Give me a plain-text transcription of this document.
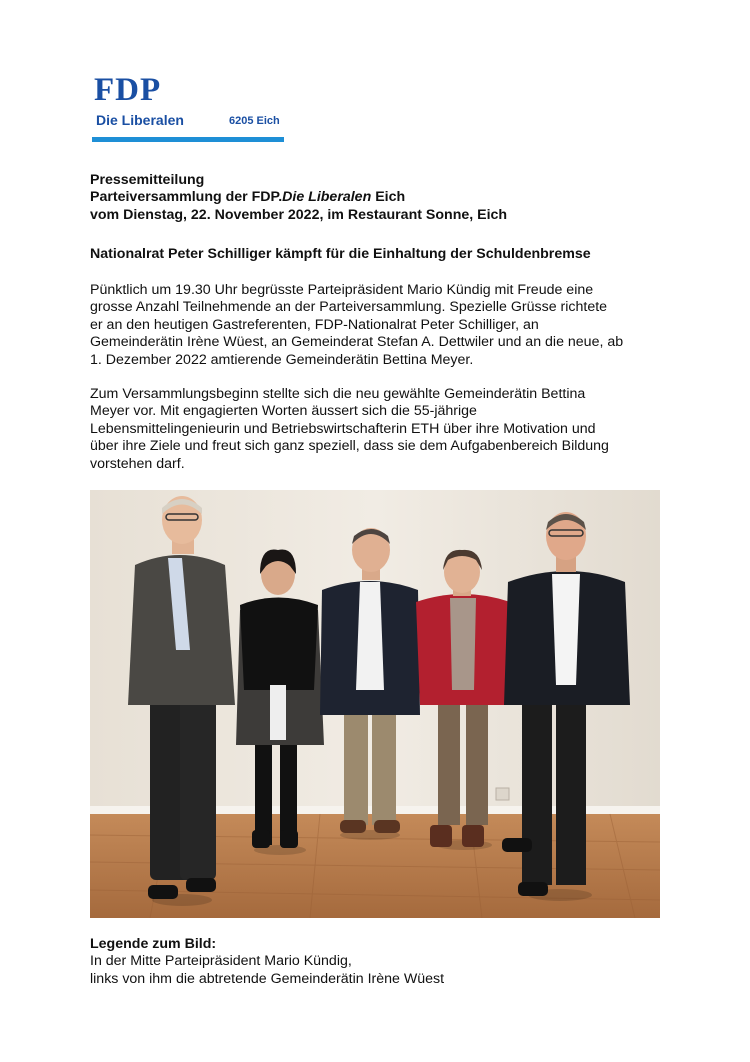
FDP
Die Liberalen	6205 Eich
Pressemitteilung
Parteiversammlung der FDP.Die Liberalen Eich
vom Dienstag, 22. November 2022, im Restaurant Sonne, Eich
Nationalrat Peter Schilliger kämpft für die Einhaltung der Schuldenbremse
Pünktlich um 19.30 Uhr begrüsste Parteipräsident Mario Kündig mit Freude eine
grosse Anzahl Teilnehmende an der Parteiversammlung. Spezielle Grüsse richtete
er an den heutigen Gastreferenten, FDP-Nationalrat Peter Schilliger, an
Gemeinderätin Irène Wüest, an Gemeinderat Stefan A. Dettwiler und an die neue, ab
1. Dezember 2022 amtierende Gemeinderätin Bettina Meyer.
Zum Versammlungsbeginn stellte sich die neu gewählte Gemeinderätin Bettina
Meyer vor. Mit engagierten Worten äussert sich die 55-jährige
Lebensmittelingenieurin und Betriebswirtschafterin ETH über ihre Motivation und
über ihre Ziele und freut sich ganz speziell, dass sie dem Aufgabenbereich Bildung
vorstehen darf.
Legende zum Bild:
In der Mitte Parteipräsident Mario Kündig,
links von ihm die abtretende Gemeinderätin Irène Wüest
